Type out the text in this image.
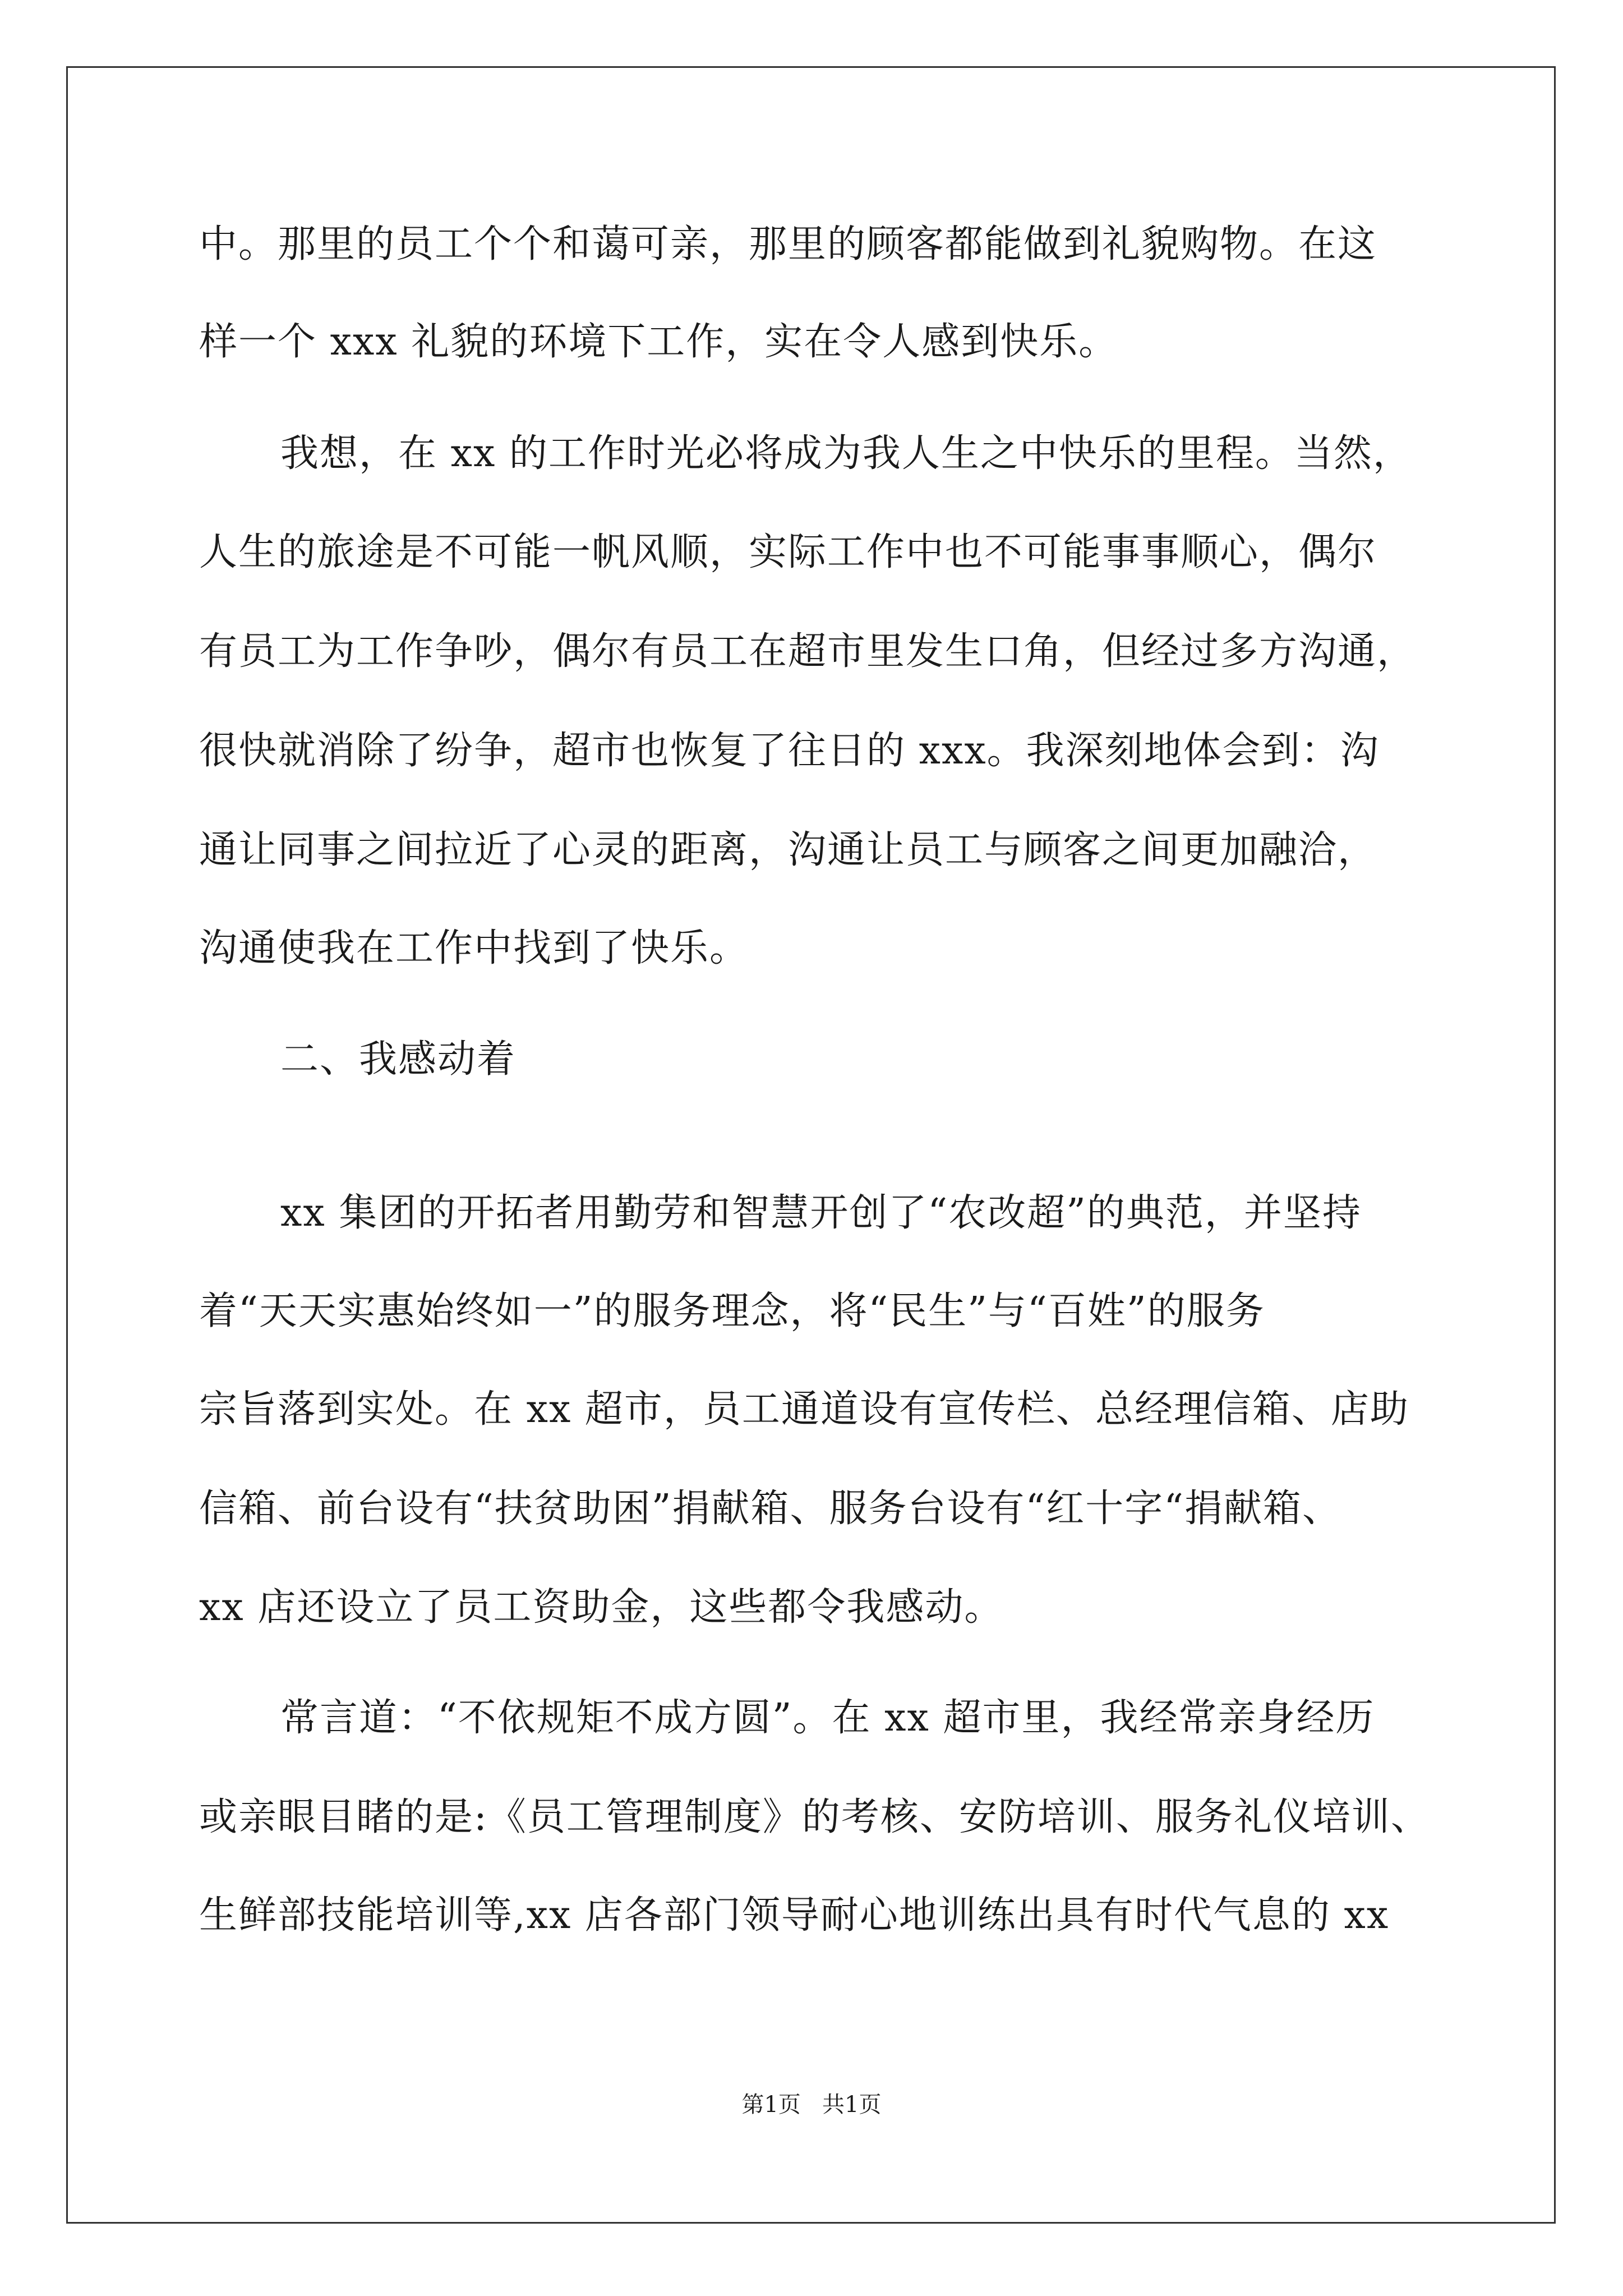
中。那里的员工个个和蔼可亲，那里的顾客都能做到礼貌购物。在这
样一个 xxx 礼貌的环境下工作，实在令人感到快乐。
我想，在 xx 的工作时光必将成为我人生之中快乐的里程。当然，
人生的旅途是不可能一帆风顺，实际工作中也不可能事事顺心，偶尔
有员工为工作争吵，偶尔有员工在超市里发生口角，但经过多方沟通，
很快就消除了纷争，超市也恢复了往日的 xxx。我深刻地体会到：沟
通让同事之间拉近了心灵的距离，沟通让员工与顾客之间更加融洽，
沟通使我在工作中找到了快乐。
二、我感动着
xx 集团的开拓者用勤劳和智慧开创了“农改超”的典范，并坚持
着“天天实惠始终如一”的服务理念，将“民生”与“百姓”的服务
宗旨落到实处。在 xx 超市，员工通道设有宣传栏、总经理信箱、店助
信箱、前台设有“扶贫助困”捐献箱、服务台设有“红十字“捐献箱、
xx 店还设立了员工资助金，这些都令我感动。
常言道：“不依规矩不成方圆”。在 xx 超市里，我经常亲身经历
或亲眼目睹的是:《员工管理制度》的考核、安防培训、服务礼仪培训、
生鲜部技能培训等,xx 店各部门领导耐心地训练出具有时代气息的 xx
第1页   共1页
